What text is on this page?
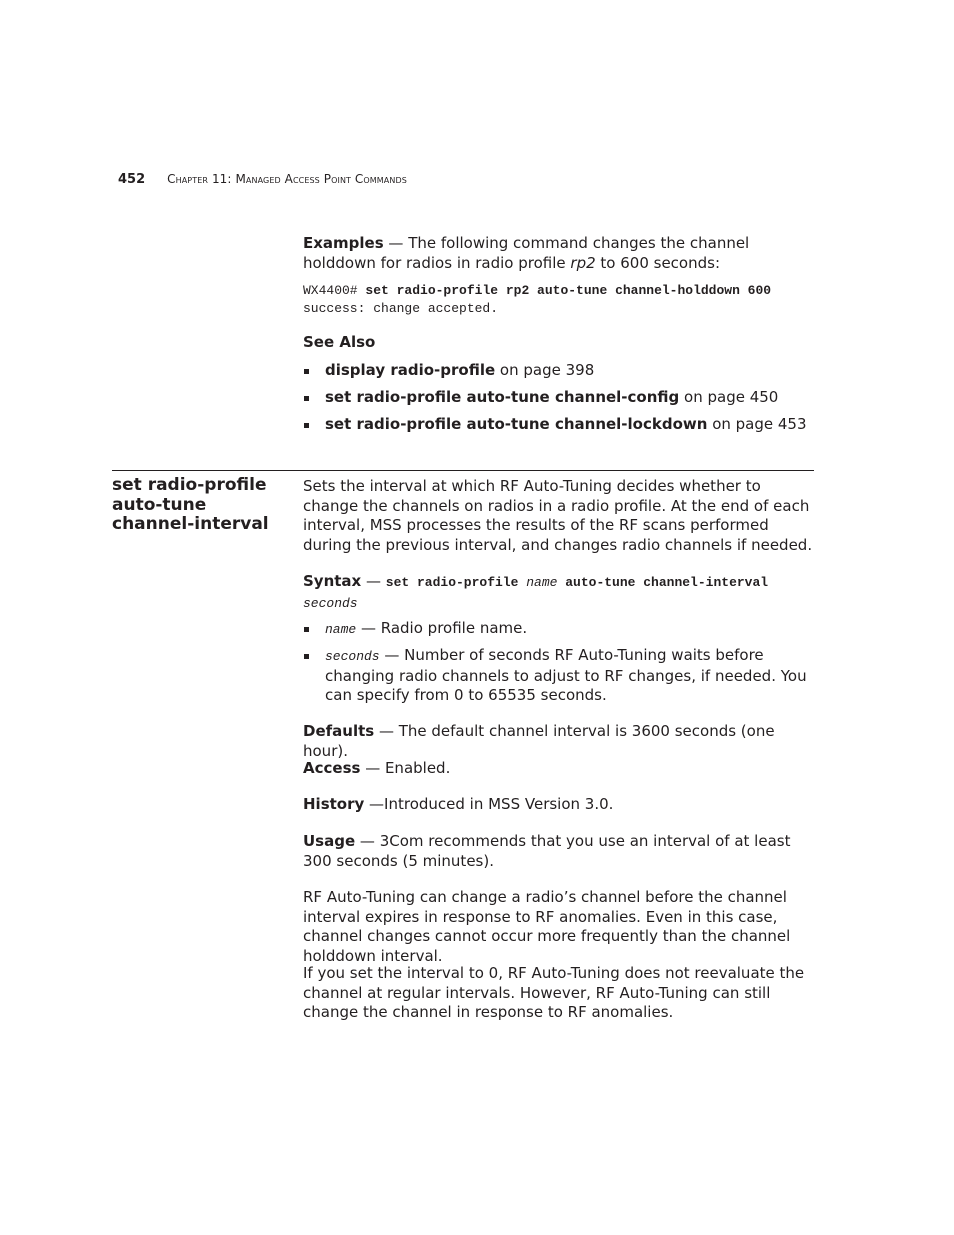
452 Chapter 11: Managed Access Point Commands

Examples — The following command changes the channel holddown for radios in radio profile rp2 to 600 seconds:

WX4400# set radio-profile rp2 auto-tune channel-holddown 600
success: change accepted.

See Also

display radio-profile on page 398
set radio-profile auto-tune channel-config on page 450
set radio-profile auto-tune channel-lockdown on page 453
set radio-profile auto-tune channel-interval

Sets the interval at which RF Auto-Tuning decides whether to change the channels on radios in a radio profile. At the end of each interval, MSS processes the results of the RF scans performed during the previous interval, and changes radio channels if needed.

Syntax — set radio-profile name auto-tune channel-interval
seconds

name — Radio profile name.
seconds — Number of seconds RF Auto-Tuning waits before changing radio channels to adjust to RF changes, if needed. You can specify from 0 to 65535 seconds.

Defaults — The default channel interval is 3600 seconds (one hour).

Access — Enabled.

History —Introduced in MSS Version 3.0.

Usage — 3Com recommends that you use an interval of at least 300 seconds (5 minutes).

RF Auto-Tuning can change a radio’s channel before the channel interval expires in response to RF anomalies. Even in this case, channel changes cannot occur more frequently than the channel holddown interval.

If you set the interval to 0, RF Auto-Tuning does not reevaluate the channel at regular intervals. However, RF Auto-Tuning can still change the channel in response to RF anomalies.
